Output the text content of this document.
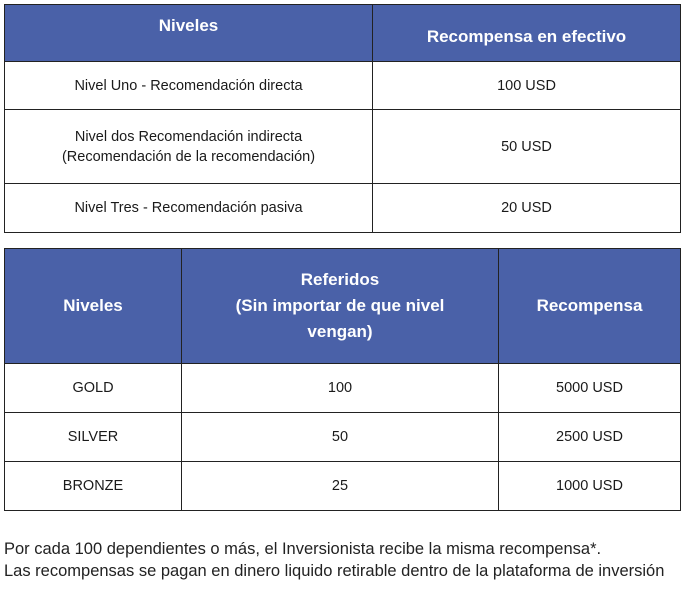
Niveles	Recompensa en efectivo
Nivel Uno - Recomendación directa	100 USD

Nivel dos Recomendación indirecta
(Recomendación de la recomendación)	50 USD
Nivel Tres - Recomendación pasiva	20 USD
Niveles	Referidos
(Sin importar de que nivel
vengan)	Recompensa
GOLD	100	5000 USD
SILVER	50	2500 USD
BRONZE	25	1000 USD
Por cada 100 dependientes o más, el Inversionista recibe la misma recompensa*.
Las recompensas se pagan en dinero liquido retirable dentro de la plataforma de inversión
